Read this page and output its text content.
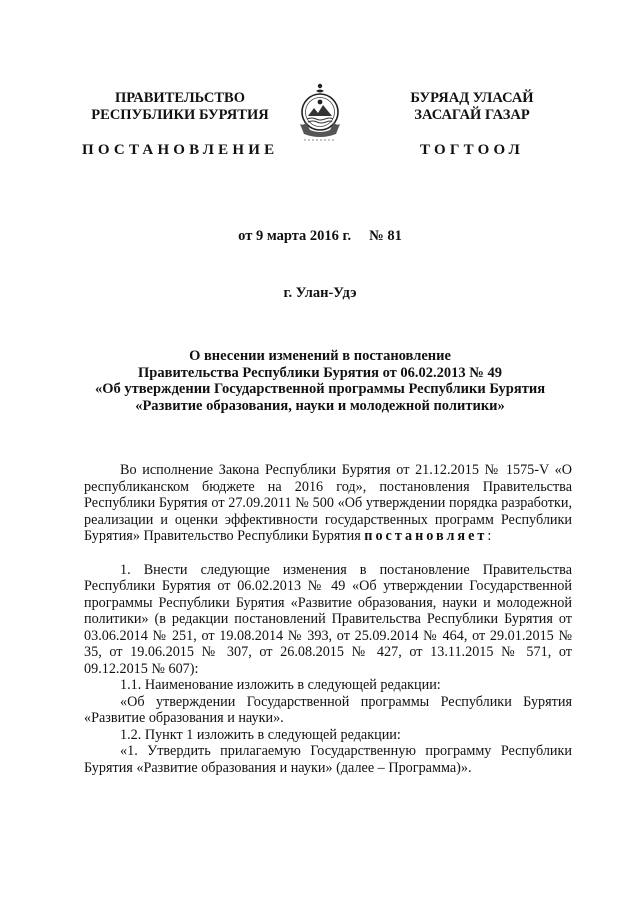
ПРАВИТЕЛЬСТВО
РЕСПУБЛИКИ БУРЯТИЯ
БУРЯАД УЛАСАЙ
ЗАСАГАЙ ГАЗАР
ПОСТАНОВЛЕНИЕ	ТОГТООЛ
от 9 марта 2016 г. № 81
г. Улан-Удэ
О внесении изменений в постановление
Правительства Республики Бурятия от 06.02.2013 № 49
«Об утверждении Государственной программы Республики Бурятия
«Развитие образования, науки и молодежной политики»

Во исполнение Закона Республики Бурятия от 21.12.2015 № 1575-V «О республиканском бюджете на 2016 год», постановления Правительства Республики Бурятия от 27.09.2011 № 500 «Об утверждении порядка разработки, реализации и оценки эффективности государственных программ Республики Бурятия» Правительство Республики Бурятия постановляет:

1. Внести следующие изменения в постановление Правительства Республики Бурятия от 06.02.2013 № 49 «Об утверждении Государственной программы Республики Бурятия «Развитие образования, науки и молодежной политики» (в редакции постановлений Правительства Республики Бурятия от 03.06.2014 № 251, от 19.08.2014 № 393, от 25.09.2014 № 464, от 29.01.2015 № 35, от 19.06.2015 № 307, от 26.08.2015 № 427, от 13.11.2015 № 571, от 09.12.2015 № 607):

1.1. Наименование изложить в следующей редакции:

«Об утверждении Государственной программы Республики Бурятия «Развитие образования и науки».

1.2. Пункт 1 изложить в следующей редакции:

«1. Утвердить прилагаемую Государственную программу Республики Бурятия «Развитие образования и науки» (далее – Программа)».
